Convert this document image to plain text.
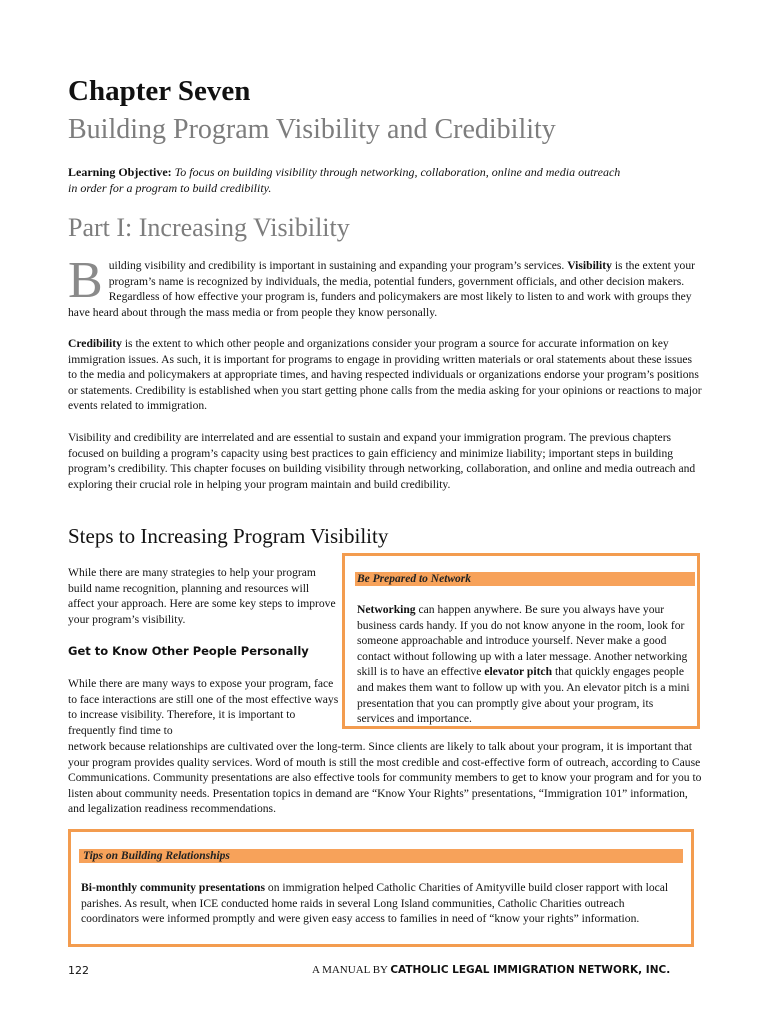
Chapter Seven
Building Program Visibility and Credibility
Learning Objective: To focus on building visibility through networking, collaboration, online and media outreach in order for a program to build credibility.
Part I: Increasing Visibility
B uilding visibility and credibility is important in sustaining and expanding your program’s services. Visibility is the extent your program’s name is recognized by individuals, the media, potential funders, government officials, and other decision makers. Regardless of how effective your program is, funders and policymakers are most likely to listen to and work with groups they have heard about through the mass media or from people they know personally.
Credibility is the extent to which other people and organizations consider your program a source for accurate information on key immigration issues. As such, it is important for programs to engage in providing written materials or oral statements about these issues to the media and policymakers at appropriate times, and having respected individuals or organizations endorse your program’s positions or statements. Credibility is established when you start getting phone calls from the media asking for your opinions or reactions to major events related to immigration.
Visibility and credibility are interrelated and are essential to sustain and expand your immigration program. The previous chapters focused on building a program’s capacity using best practices to gain efficiency and minimize liability; important steps in building program’s credibility. This chapter focuses on building visibility through networking, collaboration, and online and media outreach and exploring their crucial role in helping your program maintain and build credibility.
Steps to Increasing Program Visibility
While there are many strategies to help your program build name recognition, planning and resources will affect your approach. Here are some key steps to improve your program’s visibility.
Get to Know Other People Personally
While there are many ways to expose your program, face to face interactions are still one of the most effective ways to increase visibility. Therefore, it is important to frequently find time to
network because relationships are cultivated over the long-term. Since clients are likely to talk about your program, it is important that your program provides quality services. Word of mouth is still the most credible and cost-effective form of outreach, according to Cause Communications. Community presentations are also effective tools for community members to get to know your program and for you to listen about community needs. Presentation topics in demand are “Know Your Rights” presentations, “Immigration 101” information, and legalization readiness recommendations.
Be Prepared to Network
Networking can happen anywhere. Be sure you always have your business cards handy. If you do not know anyone in the room, look for someone approachable and introduce yourself. Never make a good contact without following up with a later message. Another networking skill is to have an effective elevator pitch that quickly engages people and makes them want to follow up with you. An elevator pitch is a mini presentation that you can promptly give about your program, its services and importance.
Tips on Building Relationships
Bi-monthly community presentations on immigration helped Catholic Charities of Amityville build closer rapport with local parishes. As result, when ICE conducted home raids in several Long Island communities, Catholic Charities outreach coordinators were informed promptly and were given easy access to families in need of “know your rights” information.
122	A MANUAL BY CATHOLIC LEGAL IMMIGRATION NETWORK, INC.
